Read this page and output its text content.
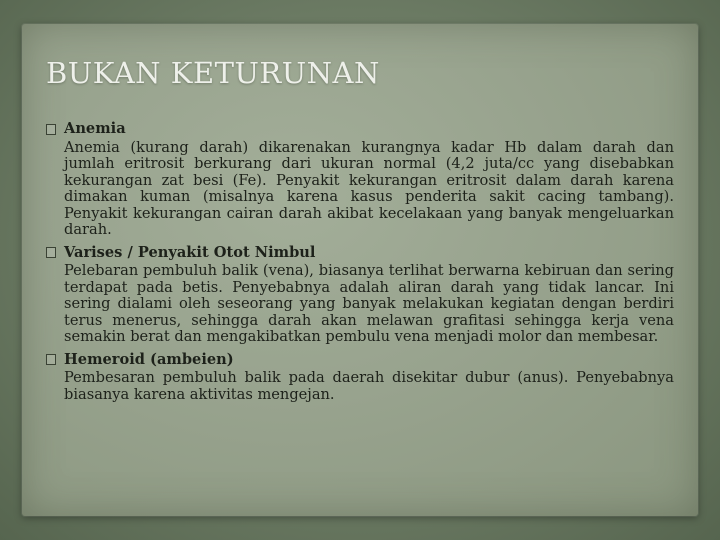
BUKAN KETURUNAN
Anemia

Anemia (kurang darah) dikarenakan kurangnya kadar Hb dalam darah dan jumlah eritrosit berkurang dari ukuran normal (4,2 juta/cc yang disebabkan kekurangan zat besi (Fe). Penyakit kekurangan eritrosit dalam darah karena dimakan kuman (misalnya karena kasus penderita sakit cacing tambang). Penyakit kekurangan cairan darah akibat kecelakaan yang banyak mengeluarkan darah.

Varises / Penyakit Otot Nimbul

Pelebaran pembuluh balik (vena), biasanya terlihat berwarna kebiruan dan sering terdapat pada betis. Penyebabnya adalah aliran darah yang tidak lancar. Ini sering dialami oleh seseorang yang banyak melakukan kegiatan dengan berdiri terus menerus, sehingga darah akan melawan grafitasi sehingga kerja vena semakin berat dan mengakibatkan pembulu vena menjadi molor dan membesar.

Hemeroid (ambeien)

Pembesaran pembuluh balik pada daerah disekitar dubur (anus). Penyebabnya biasanya karena aktivitas mengejan.
